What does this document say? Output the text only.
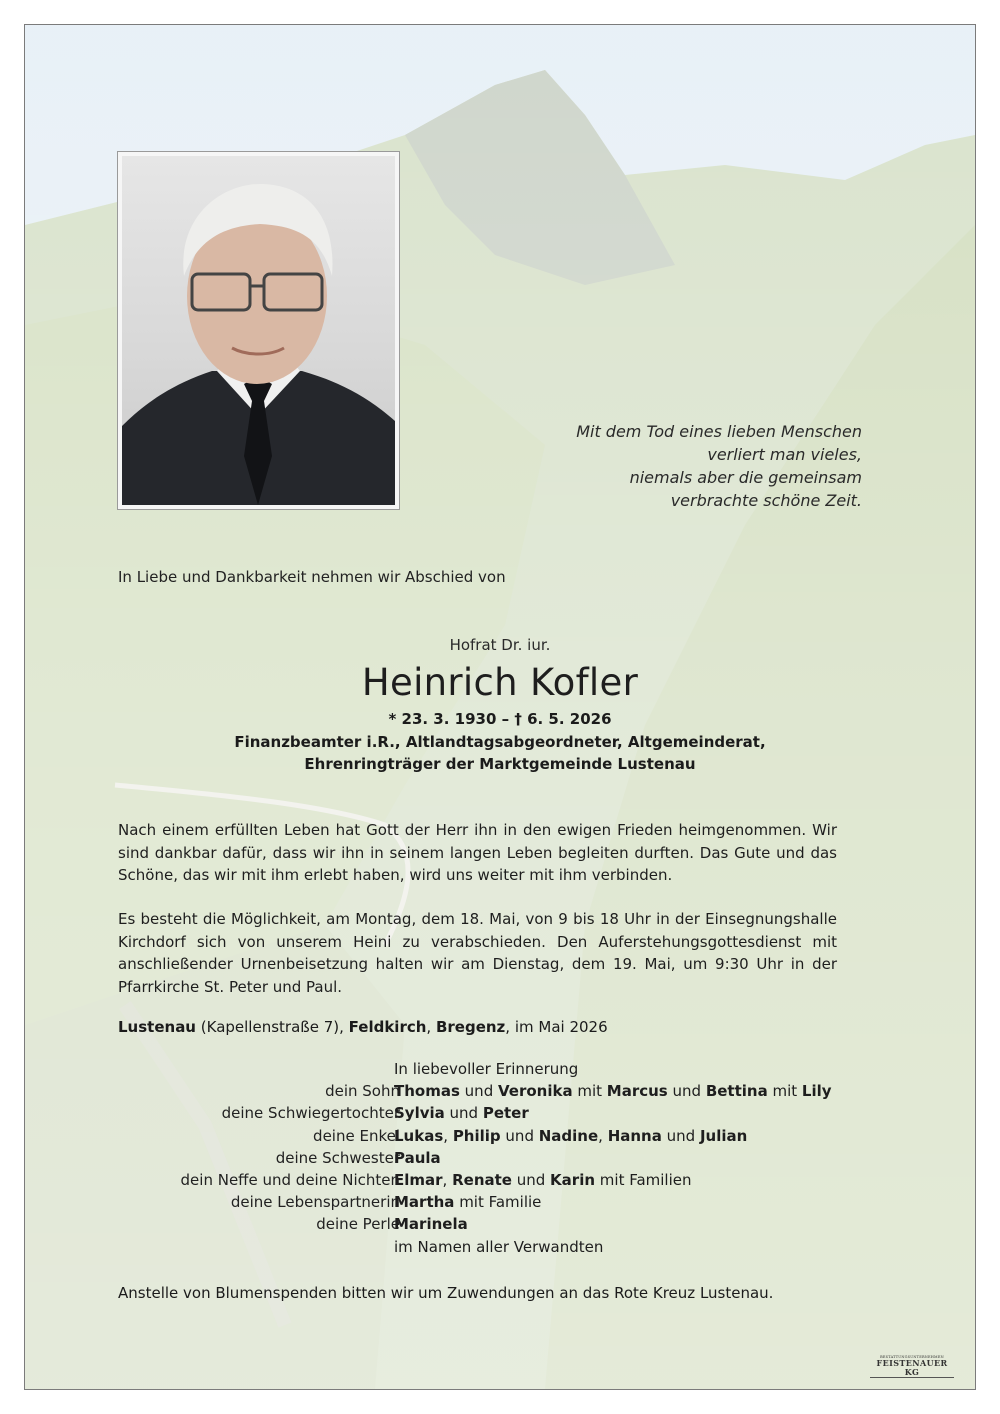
Mit dem Tod eines lieben Menschen
verliert man vieles,
niemals aber die gemeinsam
verbrachte schöne Zeit.
In Liebe und Dankbarkeit nehmen wir Abschied von
Hofrat Dr. iur.
Heinrich Kofler
* 23. 3. 1930 – † 6. 5. 2026
Finanzbeamter i.R., Altlandtagsabgeordneter, Altgemeinderat,
Ehrenringträger der Marktgemeinde Lustenau
Nach einem erfüllten Leben hat Gott der Herr ihn in den ewigen Frieden heimgenommen. Wir sind dankbar dafür, dass wir ihn in seinem langen Leben begleiten durften. Das Gute und das Schöne, das wir mit ihm erlebt haben, wird uns weiter mit ihm verbinden.
Es besteht die Möglichkeit, am Montag, dem 18. Mai, von 9 bis 18 Uhr in der Einsegnungshalle Kirchdorf sich von unserem Heini zu verabschieden. Den Auferstehungsgottesdienst mit anschließender Urnenbeisetzung halten wir am Dienstag, dem 19. Mai, um 9:30 Uhr in der Pfarrkirche St. Peter und Paul.
Lustenau (Kapellenstraße 7), Feldkirch, Bregenz, im Mai 2026
In liebevoller Erinnerung
dein Sohn
Thomas und Veronika mit Marcus und Bettina mit Lily
deine Schwiegertochter
Sylvia und Peter
deine Enkel
Lukas, Philip und Nadine, Hanna und Julian
deine Schwester
Paula
dein Neffe und deine Nichten
Elmar, Renate und Karin mit Familien
deine Lebenspartnerin
Martha mit Familie
deine Perle
Marinela
im Namen aller Verwandten
Anstelle von Blumenspenden bitten wir um Zuwendungen an das Rote Kreuz Lustenau.
BESTATTUNGSUNTERNEHMEN
FEISTENAUER KG
